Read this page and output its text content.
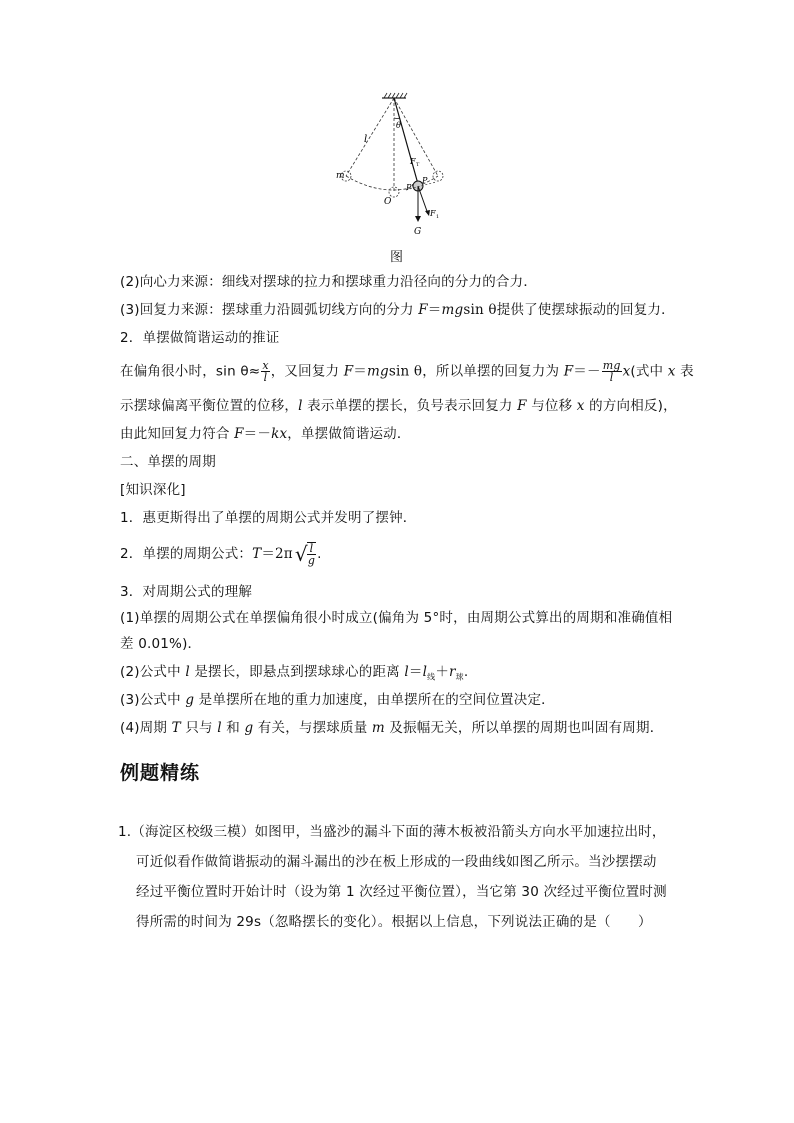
θ
l
m
O
P'
P
F T
F 1
G
图
(2)向心力来源：细线对摆球的拉力和摆球重力沿径向的分力的合力．
(3)回复力来源：摆球重力沿圆弧切线方向的分力 F＝mgsin θ提供了使摆球振动的回复力．
2．单摆做简谐运动的推证
在偏角很小时，$\sin \theta\approx \frac{x}{l}$ ，又回复力 F＝mgsin θ，所以单摆的回复力为 $F=- \frac{mg}{l} x$(式中 x 表
示摆球偏离平衡位置的位移，l 表示单摆的摆长，负号表示回复力 F 与位移 x 的方向相反)，
由此知回复力符合 F＝－kx，单摆做简谐运动．
二、单摆的周期
[知识深化]
1．惠更斯得出了单摆的周期公式并发明了摆钟．
2．单摆的周期公式：T＝2π √ $\frac{l}{g}$ .
3．对周期公式的理解
(1)单摆的周期公式在单摆偏角很小时成立(偏角为 5°时，由周期公式算出的周期和准确值相
差 0.01%)．
(2)公式中 l 是摆长，即悬点到摆球球心的距离 $l=l_线+r_球$.
(3)公式中 g 是单摆所在地的重力加速度，由单摆所在的空间位置决定．
(4)周期 T 只与 l 和 g 有关，与摆球质量 m 及振幅无关，所以单摆的周期也叫固有周期．
例题精练
1.（海淀区校级三模）如图甲，当盛沙的漏斗下面的薄木板被沿箭头方向水平加速拉出时，
可近似看作做简谐振动的漏斗漏出的沙在板上形成的一段曲线如图乙所示。当沙摆摆动
经过平衡位置时开始计时（设为第 1 次经过平衡位置），当它第 30 次经过平衡位置时测
得所需的时间为 29s（忽略摆长的变化）。根据以上信息，下列说法正确的是（　　）
